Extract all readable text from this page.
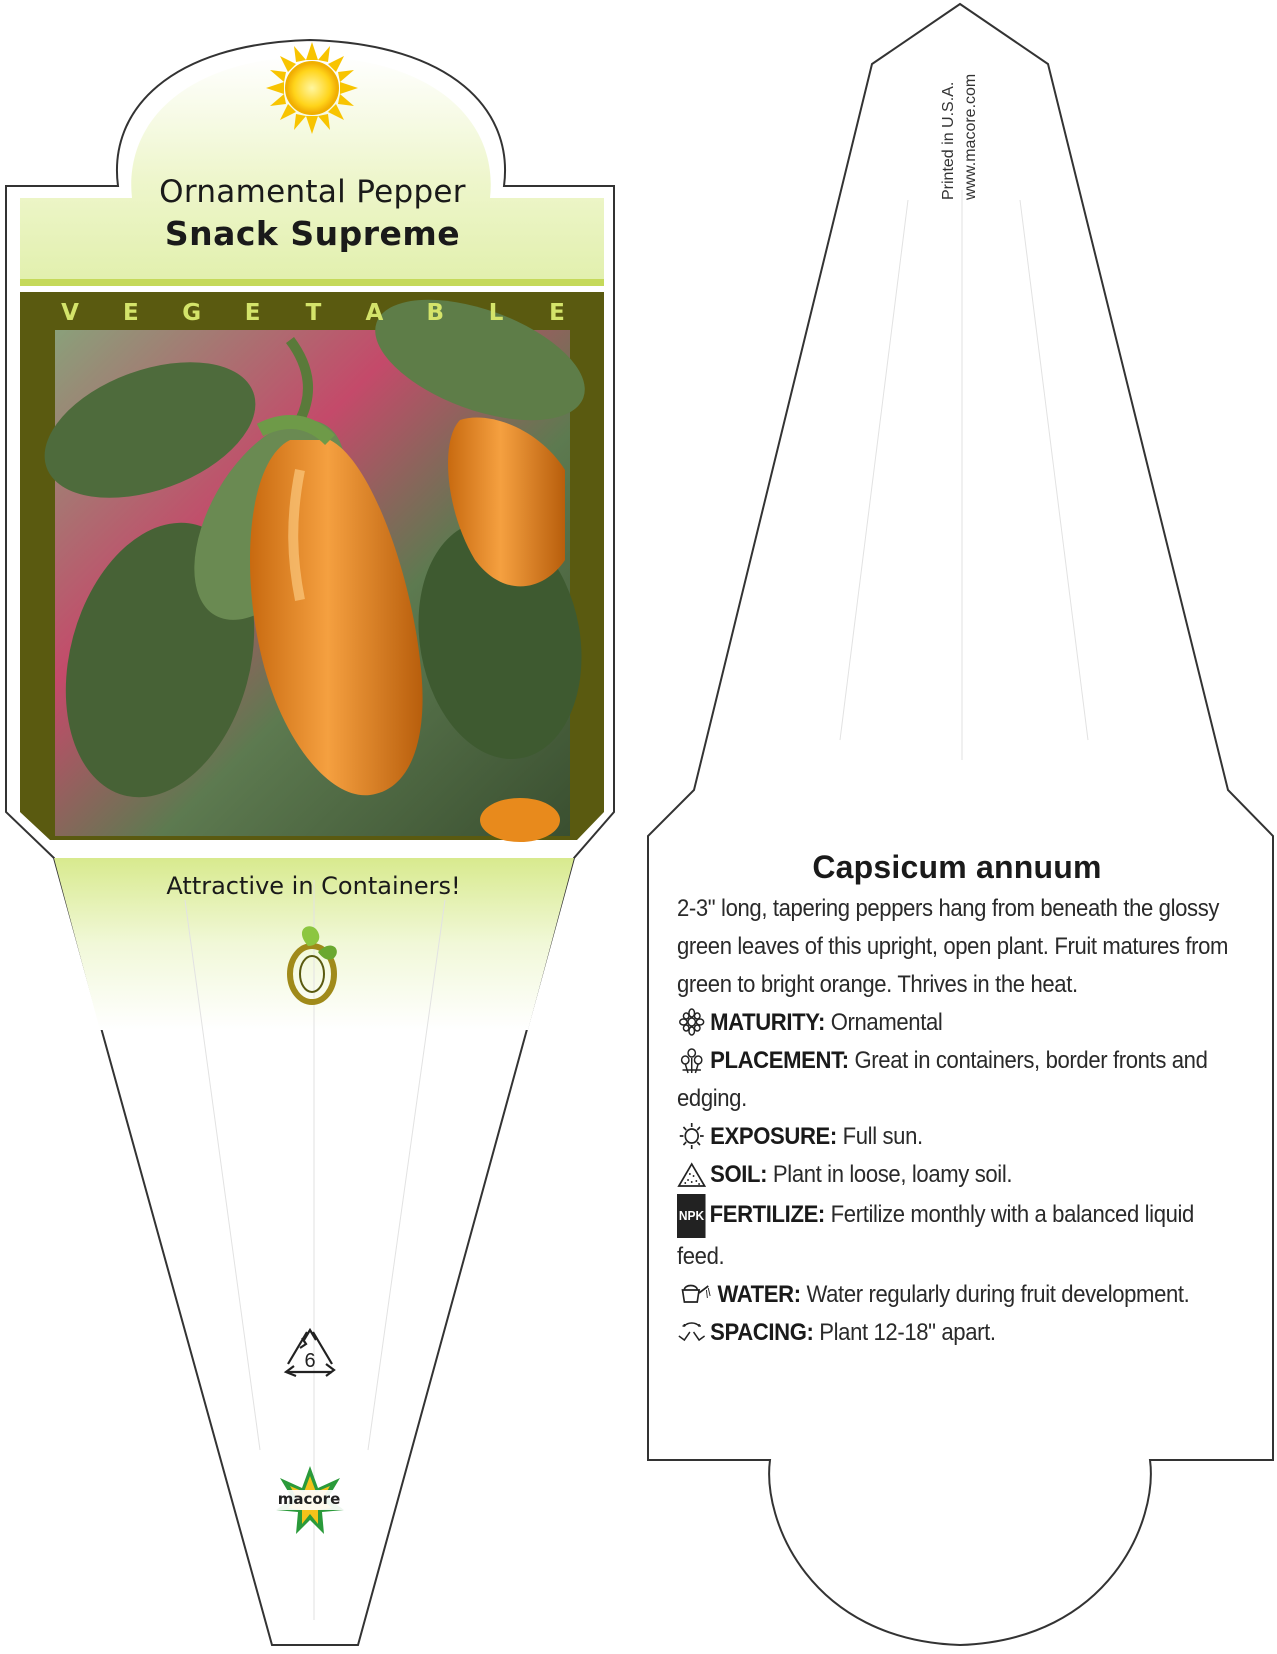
Ornamental Pepper
Snack Supreme
V E G E T A B L E
Attractive in Containers!
6
macore
Printed in U.S.A. www.macore.com
Capsicum annuum
2-3" long, tapering peppers hang from beneath the glossy green leaves of this upright, open plant. Fruit matures from green to bright orange. Thrives in the heat.
MATURITY: Ornamental
PLACEMENT: Great in containers, border fronts and edging.
EXPOSURE: Full sun.
SOIL: Plant in loose, loamy soil.
NPK FERTILIZE: Fertilize monthly with a balanced liquid feed.
WATER: Water regularly during fruit development.
SPACING: Plant 12-18" apart.
